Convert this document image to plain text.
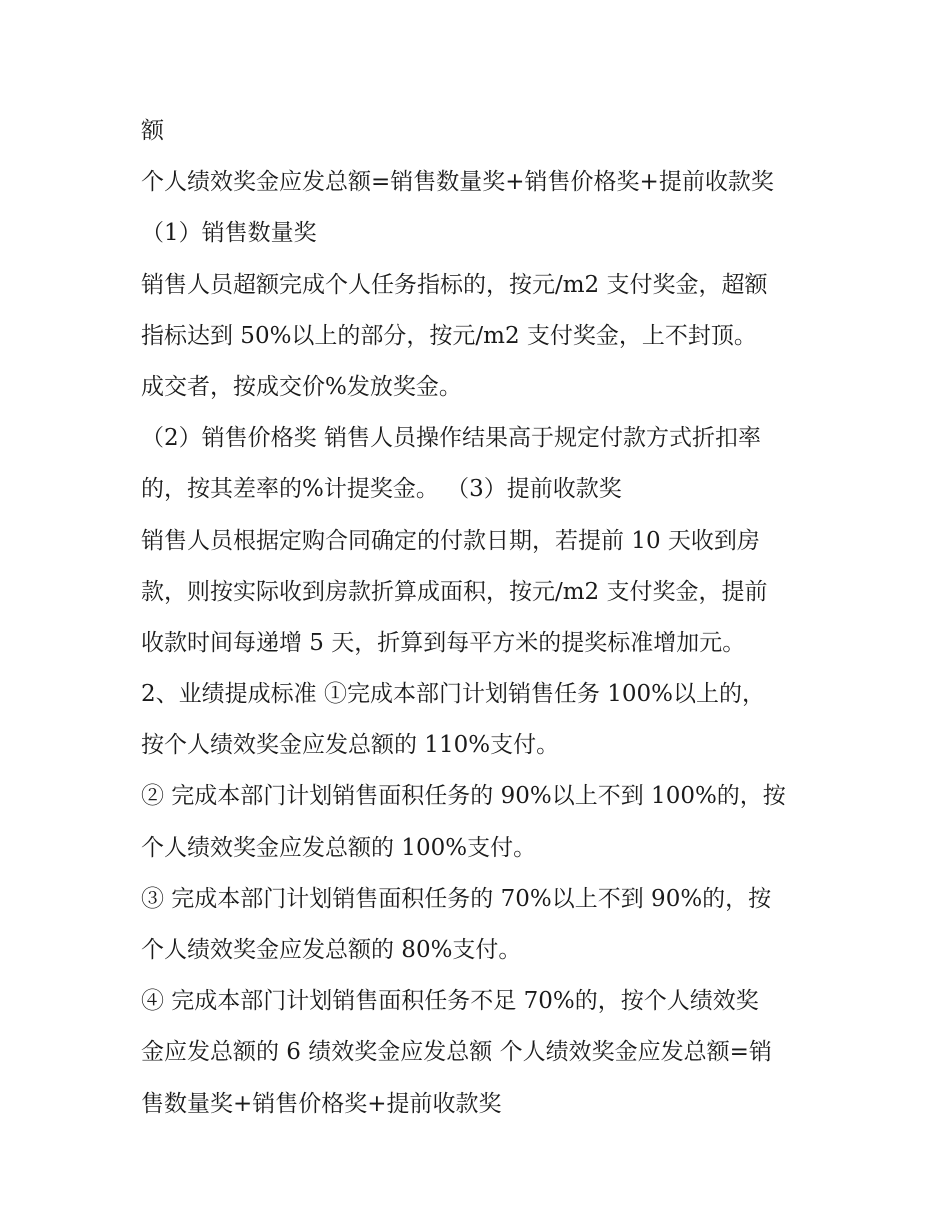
额
个人绩效奖金应发总额=销售数量奖+销售价格奖+提前收款奖
（1）销售数量奖
销售人员超额完成个人任务指标的，按元/m2 支付奖金，超额
指标达到 50%以上的部分，按元/m2 支付奖金，上不封顶。
成交者，按成交价%发放奖金。
（2）销售价格奖 销售人员操作结果高于规定付款方式折扣率
的，按其差率的%计提奖金。 （3）提前收款奖
销售人员根据定购合同确定的付款日期，若提前 10 天收到房
款，则按实际收到房款折算成面积，按元/m2 支付奖金，提前
收款时间每递增 5 天，折算到每平方米的提奖标准增加元。
2、业绩提成标准 ①完成本部门计划销售任务 100%以上的，
按个人绩效奖金应发总额的 110%支付。
② 完成本部门计划销售面积任务的 90%以上不到 100%的，按
个人绩效奖金应发总额的 100%支付。
③ 完成本部门计划销售面积任务的 70%以上不到 90%的，按
个人绩效奖金应发总额的 80%支付。
④ 完成本部门计划销售面积任务不足 70%的，按个人绩效奖
金应发总额的 6 绩效奖金应发总额 个人绩效奖金应发总额=销
售数量奖+销售价格奖+提前收款奖
